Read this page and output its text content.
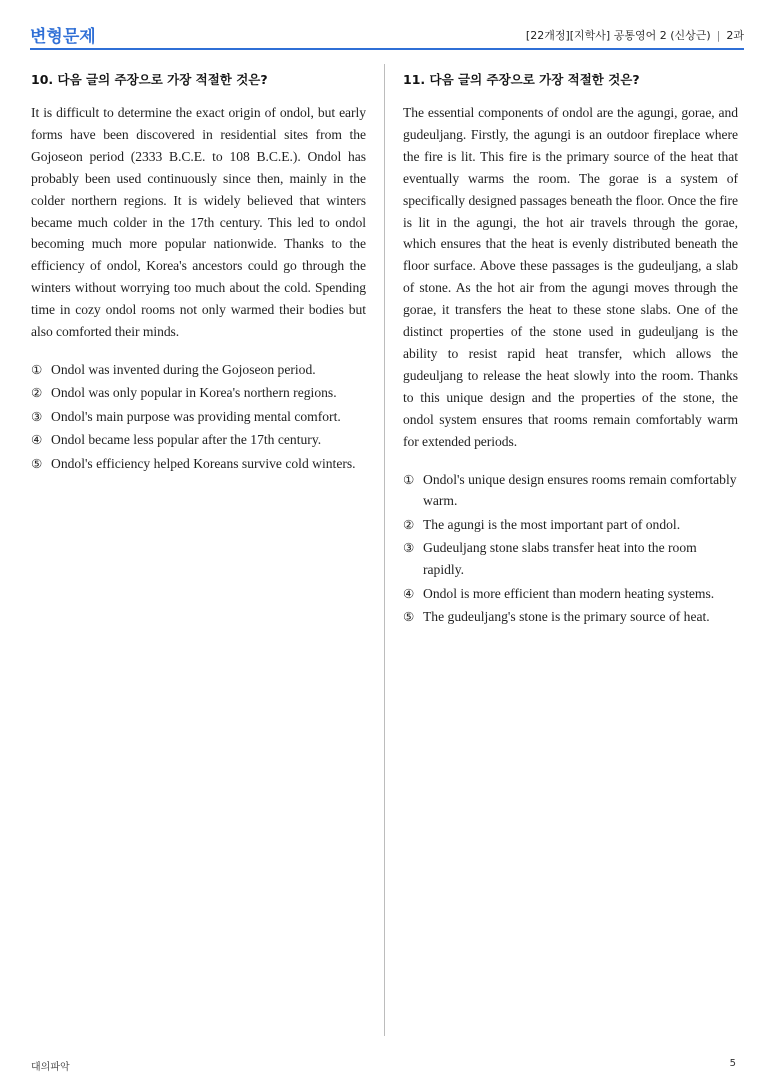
변형문제	[22개정][지학사] 공통영어 2 (신상근) | 2과
10. 다음 글의 주장으로 가장 적절한 것은?

It is difficult to determine the exact origin of ondol, but early forms have been discovered in residential sites from the Gojoseon period (2333 B.C.E. to 108 B.C.E.). Ondol has probably been used continuously since then, mainly in the colder northern regions. It is widely believed that winters became much colder in the 17th century. This led to ondol becoming much more popular nationwide. Thanks to the efficiency of ondol, Korea's ancestors could go through the winters without worrying too much about the cold. Spending time in cozy ondol rooms not only warmed their bodies but also comforted their minds.

① Ondol was invented during the Gojoseon period.
② Ondol was only popular in Korea's northern regions.
③ Ondol's main purpose was providing mental comfort.
④ Ondol became less popular after the 17th century.
⑤ Ondol's efficiency helped Koreans survive cold winters.
11. 다음 글의 주장으로 가장 적절한 것은?

The essential components of ondol are the agungi, gorae, and gudeuljang. Firstly, the agungi is an outdoor fireplace where the fire is lit. This fire is the primary source of the heat that eventually warms the room. The gorae is a system of specifically designed passages beneath the floor. Once the fire is lit in the agungi, the hot air travels through the gorae, which ensures that the heat is evenly distributed beneath the floor surface. Above these passages is the gudeuljang, a slab of stone. As the hot air from the agungi moves through the gorae, it transfers the heat to these stone slabs. One of the distinct properties of the stone used in gudeuljang is the ability to resist rapid heat transfer, which allows the gudeuljang to release the heat slowly into the room. Thanks to this unique design and the properties of the stone, the ondol system ensures that rooms remain comfortably warm for extended periods.

① Ondol's unique design ensures rooms remain comfortably warm.
② The agungi is the most important part of ondol.
③ Gudeuljang stone slabs transfer heat into the room rapidly.
④ Ondol is more efficient than modern heating systems.
⑤ The gudeuljang's stone is the primary source of heat.
대의파악	5
